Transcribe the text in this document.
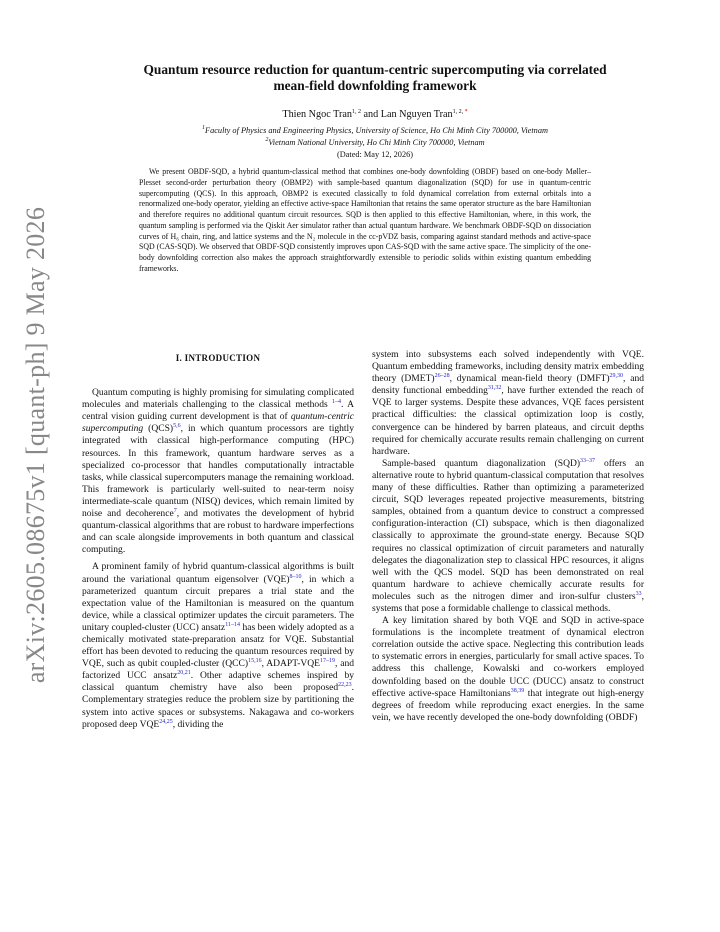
arXiv:2605.08675v1 [quant-ph] 9 May 2026
Quantum resource reduction for quantum-centric supercomputing via correlated
mean-field downfolding framework
Thien Ngoc Tran$^{1, 2}$ and Lan Nguyen Tran$^{1, 2,}$ *
$^1$Faculty of Physics and Engineering Physics, University of Science, Ho Chi Minh City 700000, Vietnam
$^2$Vietnam National University, Ho Chi Minh City 700000, Vietnam
(Dated: May 12, 2026)

We present OBDF-SQD, a hybrid quantum-classical method that combines one-body downfolding (OBDF) based on one-body Møller–Plesset second-order perturbation theory (OBMP2) with sample-based quantum diagonalization (SQD) for use in quantum-centric supercomputing (QCS). In this approach, OBMP2 is executed classically to fold dynamical correlation from external orbitals into a renormalized one-body operator, yielding an effective active-space Hamiltonian that retains the same operator structure as the bare Hamiltonian and therefore requires no additional quantum circuit resources. SQD is then applied to this effective Hamiltonian, where, in this work, the quantum sampling is performed via the Qiskit Aer simulator rather than actual quantum hardware. We benchmark OBDF-SQD on dissociation curves of H₆ chain, ring, and lattice systems and the N₂ molecule in the cc-pVDZ basis, comparing against standard methods and active-space SQD (CAS-SQD). We observed that OBDF-SQD consistently improves upon CAS-SQD with the same active space. The simplicity of the one-body downfolding correction also makes the approach straightforwardly extensible to periodic solids within existing quantum embedding frameworks.

I. INTRODUCTION

Quantum computing is highly promising for simulating complicated molecules and materials challenging to the classical methods $^{1-4}$. A central vision guiding current development is that of quantum-centric supercomputing (QCS)$^{5,6}$, in which quantum processors are tightly integrated with classical high-performance computing (HPC) resources. In this framework, quantum hardware serves as a specialized co-processor that handles computationally intractable tasks, while classical supercomputers manage the remaining workload. This framework is particularly well-suited to near-term noisy intermediate-scale quantum (NISQ) devices, which remain limited by noise and decoherence$^7$, and motivates the development of hybrid quantum-classical algorithms that are robust to hardware imperfections and can scale alongside improvements in both quantum and classical computing.

A prominent family of hybrid quantum-classical algorithms is built around the variational quantum eigensolver (VQE)$^{8-10}$, in which a parameterized quantum circuit prepares a trial state and the expectation value of the Hamiltonian is measured on the quantum device, while a classical optimizer updates the circuit parameters. The unitary coupled-cluster (UCC) ansatz$^{11-14}$ has been widely adopted as a chemically motivated state-preparation ansatz for VQE. Substantial effort has been devoted to reducing the quantum resources required by VQE, such as qubit coupled-cluster (QCC)$^{15,16}$, ADAPT-VQE$^{17-19}$, and factorized UCC ansatz$^{20,21}$. Other adaptive schemes inspired by classical quantum chemistry have also been proposed$^{22,23}$. Complementary strategies reduce the problem size by partitioning the system into active spaces or subsystems. Nakagawa and co-workers proposed deep VQE$^{24,25}$, dividing the

system into subsystems each solved independently with VQE. Quantum embedding frameworks, including density matrix embedding theory (DMET)$^{26-28}$, dynamical mean-field theory (DMFT)$^{29,30}$, and density functional embedding$^{31,32}$, have further extended the reach of VQE to larger systems. Despite these advances, VQE faces persistent practical difficulties: the classical optimization loop is costly, convergence can be hindered by barren plateaus, and circuit depths required for chemically accurate results remain challenging on current hardware.

Sample-based quantum diagonalization (SQD)$^{33-37}$ offers an alternative route to hybrid quantum-classical computation that resolves many of these difficulties. Rather than optimizing a parameterized circuit, SQD leverages repeated projective measurements, bitstring samples, obtained from a quantum device to construct a compressed configuration-interaction (CI) subspace, which is then diagonalized classically to approximate the ground-state energy. Because SQD requires no classical optimization of circuit parameters and naturally delegates the diagonalization step to classical HPC resources, it aligns well with the QCS model. SQD has been demonstrated on real quantum hardware to achieve chemically accurate results for molecules such as the nitrogen dimer and iron-sulfur clusters$^{33}$, systems that pose a formidable challenge to classical methods.

A key limitation shared by both VQE and SQD in active-space formulations is the incomplete treatment of dynamical electron correlation outside the active space. Neglecting this contribution leads to systematic errors in energies, particularly for small active spaces. To address this challenge, Kowalski and co-workers employed downfolding based on the double UCC (DUCC) ansatz to construct effective active-space Hamiltonians$^{38,39}$ that integrate out high-energy degrees of freedom while reproducing exact energies. In the same vein, we have recently developed the one-body downfolding (OBDF)
